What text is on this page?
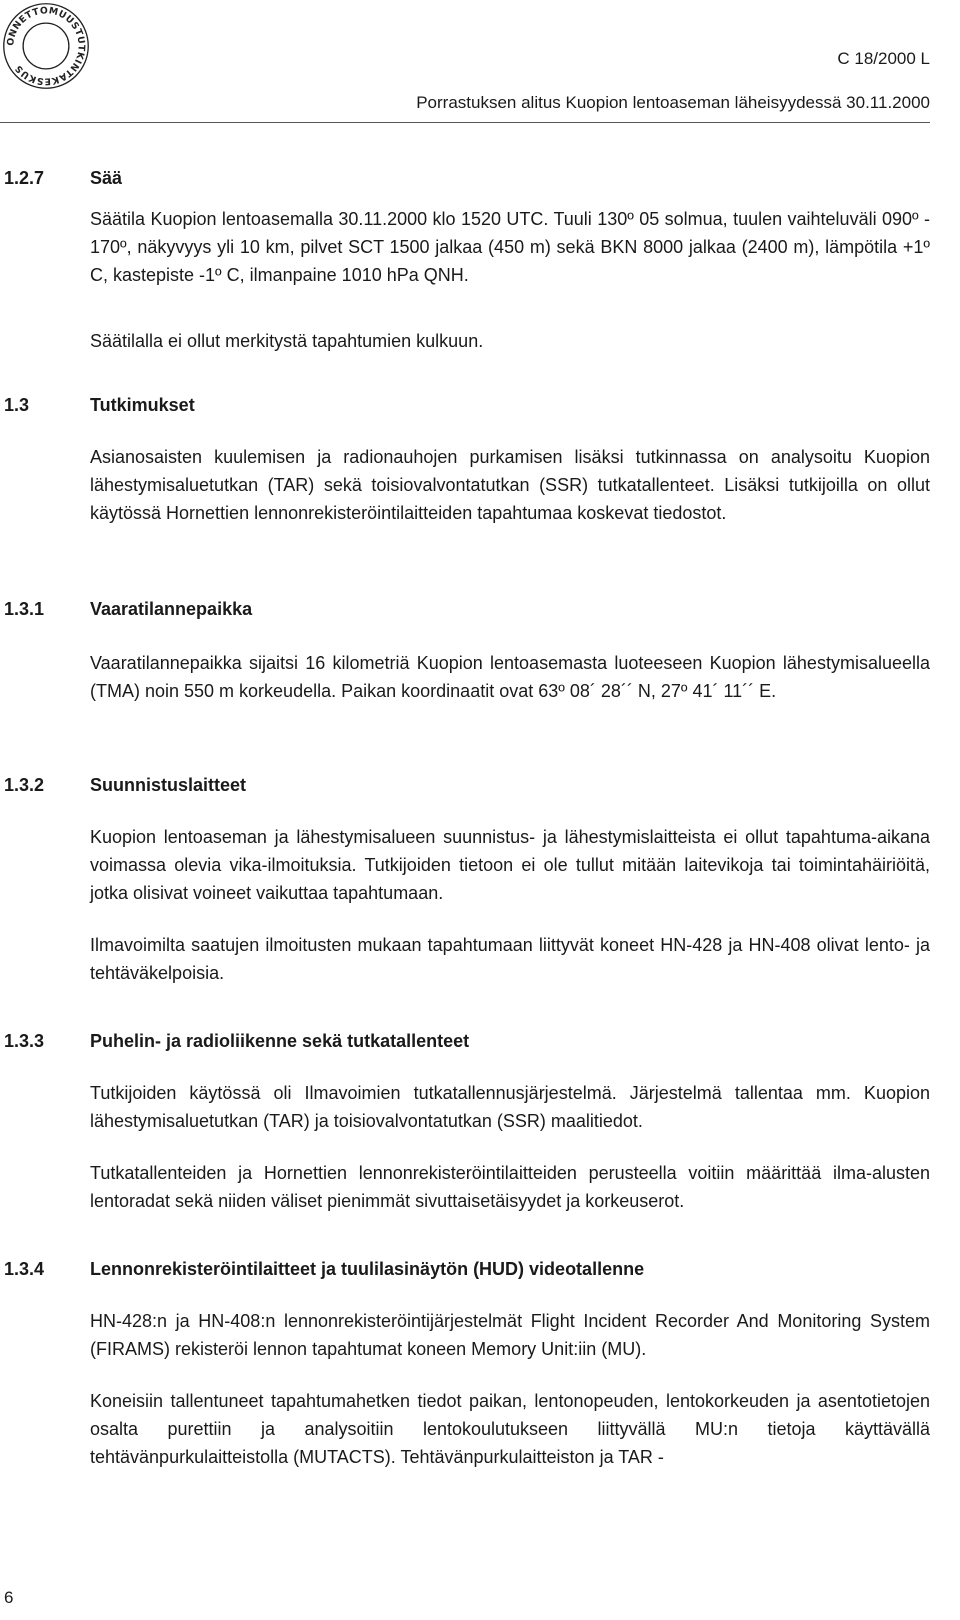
ONNETTOMUUSTUTKINTAKESKUS
C 18/2000 L
Porrastuksen alitus Kuopion lentoaseman läheisyydessä 30.11.2000
1.2.7	Sää

Säätila Kuopion lentoasemalla 30.11.2000 klo 1520 UTC. Tuuli 130º 05 solmua, tuulen vaihteluväli 090º - 170º, näkyvyys yli 10 km, pilvet SCT 1500 jalkaa (450 m) sekä BKN 8000 jalkaa (2400 m), lämpötila +1º C, kastepiste -1º C, ilmanpaine 1010 hPa QNH.

Säätilalla ei ollut merkitystä tapahtumien kulkuun.

1.3	Tutkimukset

Asianosaisten kuulemisen ja radionauhojen purkamisen lisäksi tutkinnassa on analysoitu Kuopion lähestymisaluetutkan (TAR) sekä toisiovalvontatutkan (SSR) tutkatallenteet. Lisäksi tutkijoilla on ollut käytössä Hornettien lennonrekisteröintilaitteiden tapahtumaa koskevat tiedostot.

1.3.1	Vaaratilannepaikka

Vaaratilannepaikka sijaitsi 16 kilometriä Kuopion lentoasemasta luoteeseen Kuopion lähestymisalueella (TMA) noin 550 m korkeudella. Paikan koordinaatit ovat 63º 08´ 28´´ N, 27º 41´ 11´´ E.

1.3.2	Suunnistuslaitteet

Kuopion lentoaseman ja lähestymisalueen suunnistus- ja lähestymislaitteista ei ollut tapahtuma-aikana voimassa olevia vika-ilmoituksia. Tutkijoiden tietoon ei ole tullut mitään laitevikoja tai toimintahäiriöitä, jotka olisivat voineet vaikuttaa tapahtumaan.

Ilmavoimilta saatujen ilmoitusten mukaan tapahtumaan liittyvät koneet HN-428 ja HN-408 olivat lento- ja tehtäväkelpoisia.

1.3.3	Puhelin- ja radioliikenne sekä tutkatallenteet

Tutkijoiden käytössä oli Ilmavoimien tutkatallennusjärjestelmä. Järjestelmä tallentaa mm. Kuopion lähestymisaluetutkan (TAR) ja toisiovalvontatutkan (SSR) maalitiedot.

Tutkatallenteiden ja Hornettien lennonrekisteröintilaitteiden perusteella voitiin määrittää ilma-alusten lentoradat sekä niiden väliset pienimmät sivuttaisetäisyydet ja korkeuserot.

1.3.4	Lennonrekisteröintilaitteet ja tuulilasinäytön (HUD) videotallenne

HN-428:n ja HN-408:n lennonrekisteröintijärjestelmät Flight Incident Recorder And Monitoring System (FIRAMS) rekisteröi lennon tapahtumat koneen Memory Unit:iin (MU).

Koneisiin tallentuneet tapahtumahetken tiedot paikan, lentonopeuden, lentokorkeuden ja asentotietojen osalta purettiin ja analysoitiin lentokoulutukseen liittyvällä MU:n tietoja käyttävällä tehtävänpurkulaitteistolla (MUTACTS). Tehtävänpurkulaitteiston ja TAR -

6
